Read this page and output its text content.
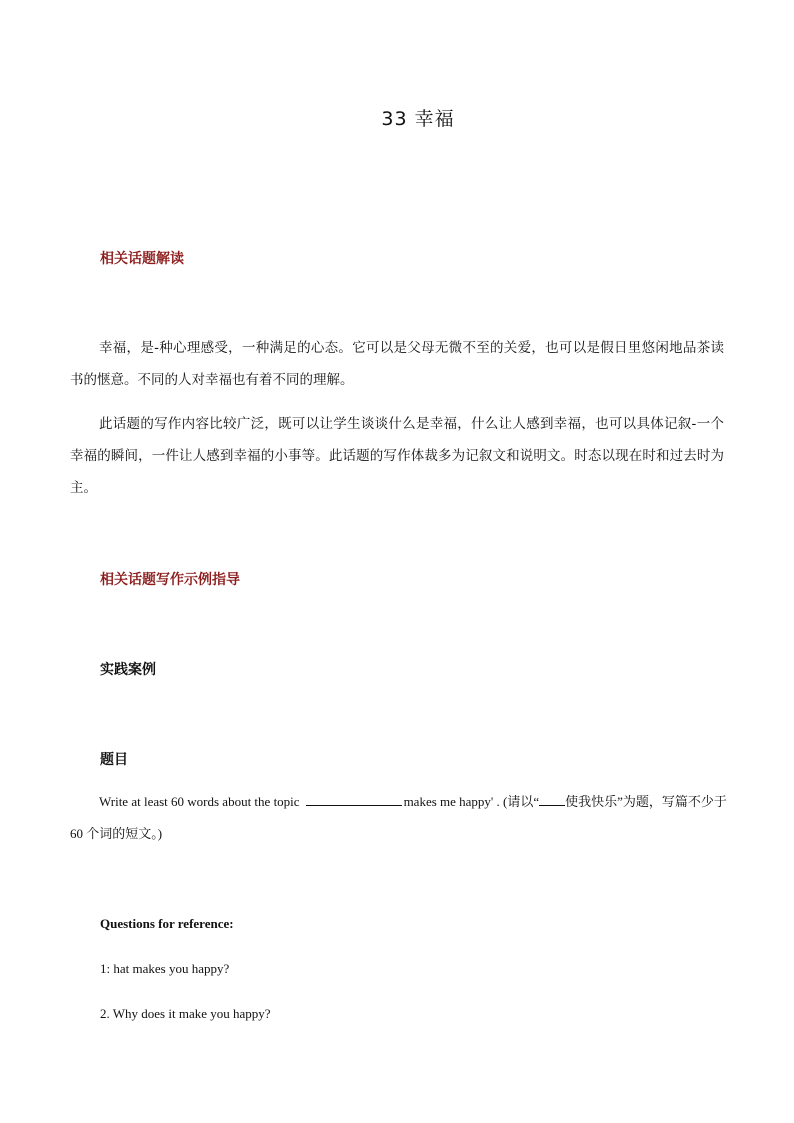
33 幸福
相关话题解读
幸福，是-种心理感受，一种满足的心态。它可以是父母无微不至的关爱，也可以是假日里悠闲地品茶读书的惬意。不同的人对幸福也有着不同的理解。
此话题的写作内容比较广泛，既可以让学生谈谈什么是幸福，什么让人感到幸福，也可以具体记叙-一个幸福的瞬间，一件让人感到幸福的小事等。此话题的写作体裁多为记叙文和说明文。时态以现在时和过去时为主。
相关话题写作示例指导
实践案例
题目
Write at least 60 words about the topic	makes me happy' . (请以“ 使我快乐”为题，写篇不少于 60 个词的短文。)
Questions for reference:
1: hat makes you happy?
2. Why does it make you happy?
